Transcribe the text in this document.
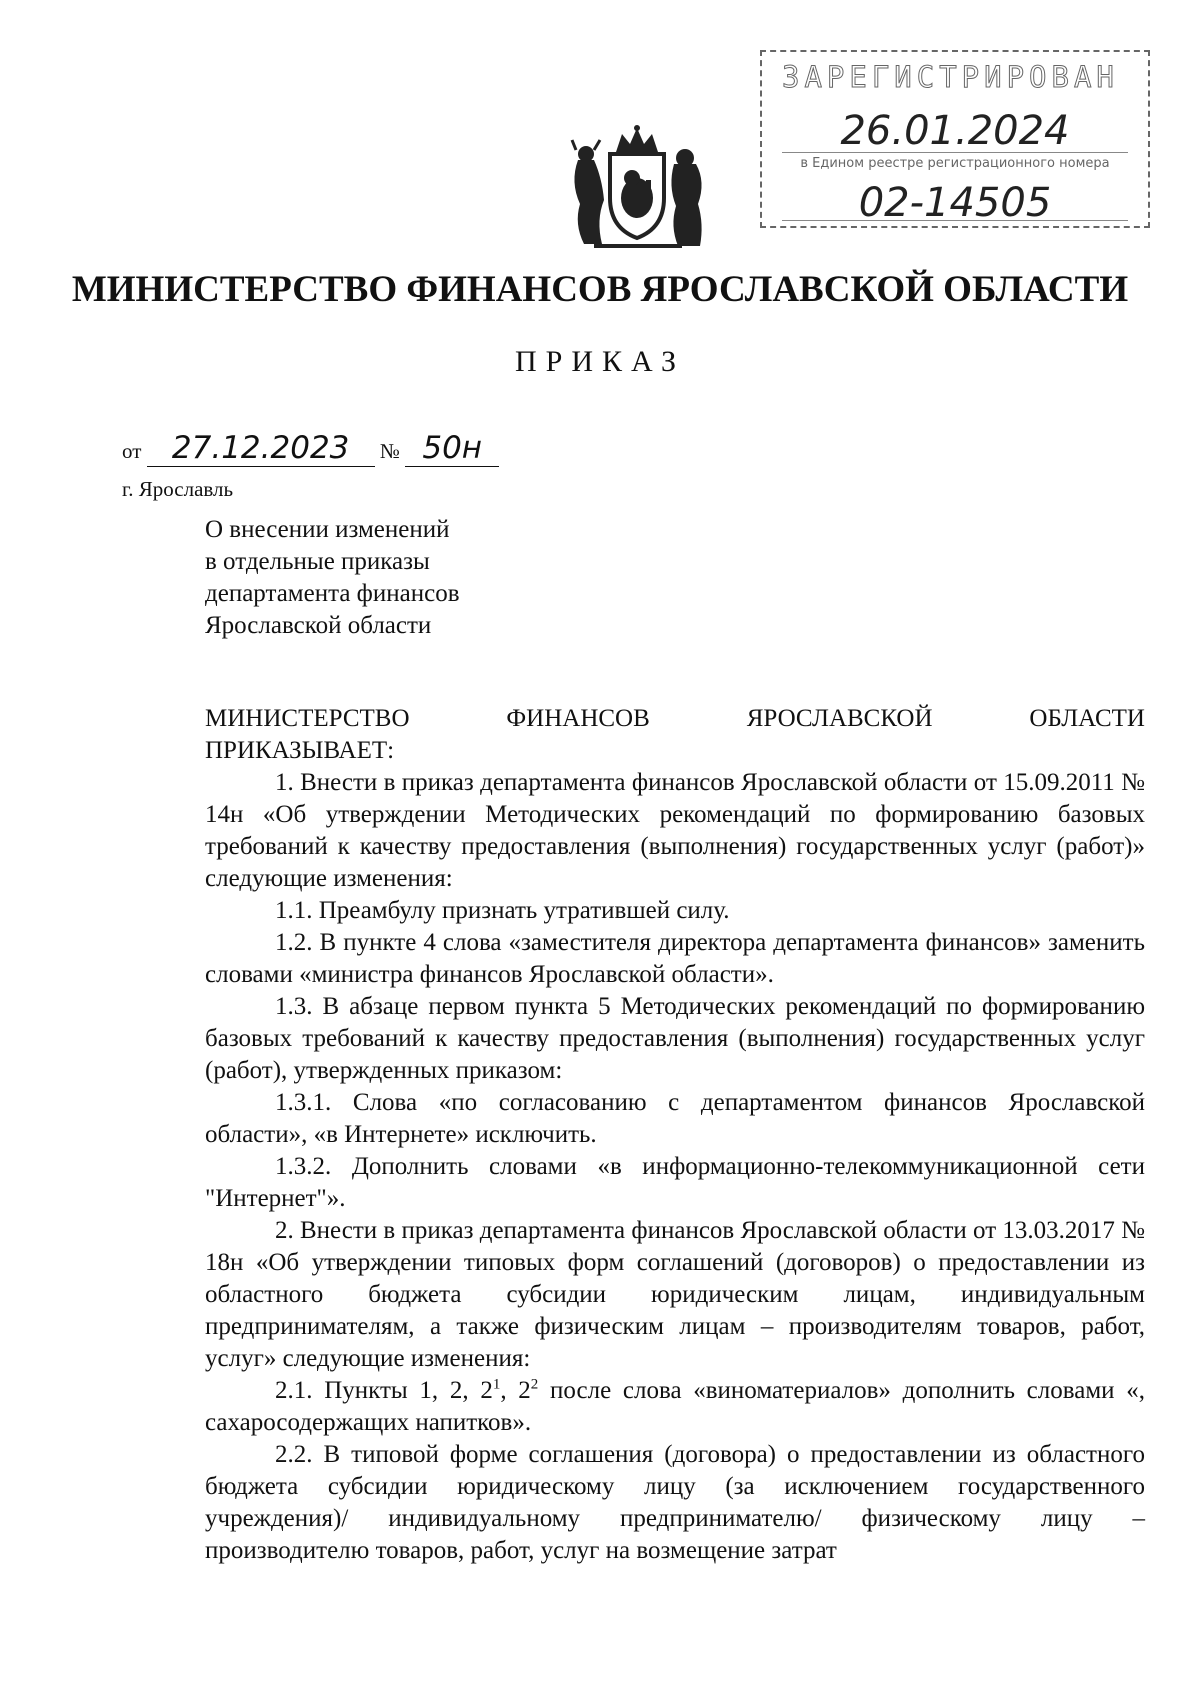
ЗАРЕГИСТРИРОВАН
26.01.2024
в Едином реестре регистрационного номера
02-14505
МИНИСТЕРСТВО ФИНАНСОВ ЯРОСЛАВСКОЙ ОБЛАСТИ
ПРИКАЗ
от 27.12.2023 № 50н
г. Ярославль
О внесении изменений
в отдельные приказы
департамента финансов
Ярославской области
МИНИСТЕРСТВО	ФИНАНСОВ	ЯРОСЛАВСКОЙ	ОБЛАСТИ

ПРИКАЗЫВАЕТ:

1. Внести в приказ департамента финансов Ярославской области от 15.09.2011 № 14н «Об утверждении Методических рекомендаций по формированию базовых требований к качеству предоставления (выполнения) государственных услуг (работ)» следующие изменения:

1.1. Преамбулу признать утратившей силу.

1.2. В пункте 4 слова «заместителя директора департамента финансов» заменить словами «министра финансов Ярославской области».

1.3. В абзаце первом пункта 5 Методических рекомендаций по формированию базовых требований к качеству предоставления (выполнения) государственных услуг (работ), утвержденных приказом:

1.3.1. Слова «по согласованию с департаментом финансов Ярославской области», «в Интернете» исключить.

1.3.2. Дополнить словами «в информационно-телекоммуникационной сети "Интернет"».

2. Внести в приказ департамента финансов Ярославской области от 13.03.2017 № 18н «Об утверждении типовых форм соглашений (договоров) о предоставлении из областного бюджета субсидии юридическим лицам, индивидуальным предпринимателям, а также физическим лицам – производителям товаров, работ, услуг» следующие изменения:

2.1. Пункты 1, 2, $2^1$, $2^2$ после слова «виноматериалов» дополнить словами «, сахаросодержащих напитков».

2.2. В типовой форме соглашения (договора) о предоставлении из областного бюджета субсидии юридическому лицу (за исключением государственного учреждения)/ индивидуальному предпринимателю/ физическому лицу – производителю товаров, работ, услуг на возмещение затрат
